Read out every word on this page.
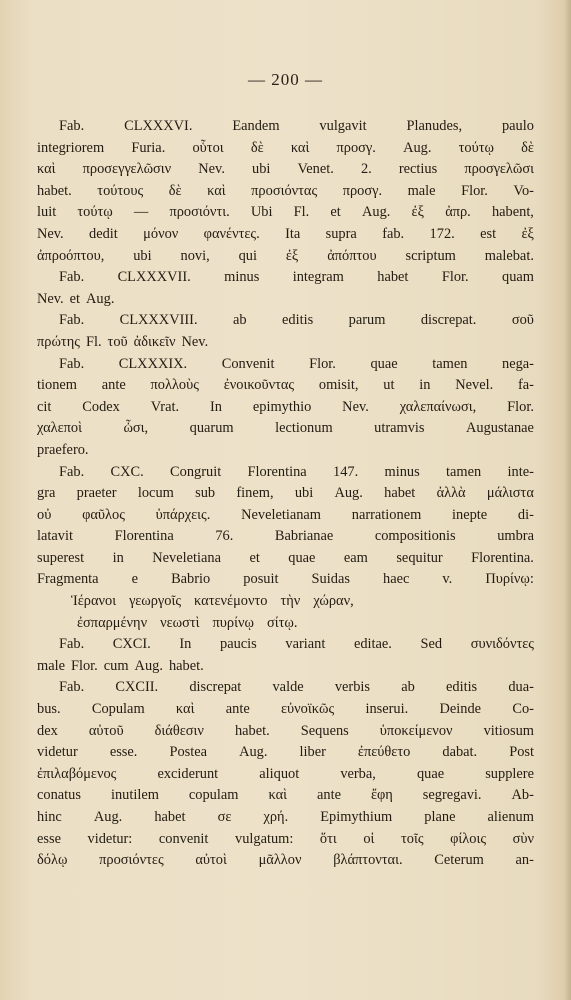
— 200 —
Fab.	CLXXXVI.	Eandem	vulgavit	Planudes,	paulo
integriorem Furia. οὗτοι δὲ καὶ προσγ. Aug. τούτῳ δὲ
καὶ προσεγγελῶσιν Nev. ubi Venet. 2. rectius προσγελῶσι
habet. τούτους δὲ καὶ προσιόντας προσγ. male Flor. Vo-
luit τούτῳ — προσιόντι. Ubi Fl. et Aug. ἐξ ἀπρ. habent,
Nev. dedit μόνον φανέντες. Ita supra fab. 172. est ἐξ
ἀπροόπτου, ubi novi, qui ἐξ ἀπόπτου scriptum malebat.
Fab. CLXXXVII. minus integram habet Flor. quam
Nev. et Aug.
Fab. CLXXXVIII. ab editis parum discrepat. σοῦ
πρώτης Fl. τοῦ ἀδικεῖν Nev.
Fab. CLXXXIX. Convenit Flor. quae tamen nega-
tionem ante πολλοὺς ἐνοικοῦντας omisit, ut in Nevel. fa-
cit Codex Vrat. In epimythio Nev. χαλεπαίνωσι, Flor.
χαλεποὶ	ὦσι,	quarum	lectionum	utramvis	Augustanae
praefero.
Fab. CXC. Congruit Florentina 147. minus tamen inte-
gra praeter locum sub finem, ubi Aug. habet ἀλλὰ μάλιστα
οὐ φαῦλος ὑπάρχεις. Neveletianam narrationem inepte di-
latavit	Florentina	76.	Babrianae	compositionis	umbra
superest in Neveletiana et quae eam sequitur Florentina.
Fragmenta e Babrio posuit Suidas haec v. Πυρίνῳ:
Ἱέρανοι γεωργοῖς κατενέμοντο τὴν χώραν,
ἐσπαρμένην νεωστὶ πυρίνῳ σίτῳ.
Fab. CXCI. In paucis variant editae. Sed συνιδόντες
male Flor. cum Aug. habet.
Fab. CXCII. discrepat valde verbis ab editis dua-
bus. Copulam καὶ ante εὐνοϊκῶς inserui. Deinde Co-
dex αὐτοῦ διάθεσιν habet. Sequens ὑποκείμενον vitiosum
videtur esse. Postea Aug. liber ἐπεύθετο dabat. Post
ἐπιλαβόμενος	exciderunt	aliquot	verba,	quae	supplere
conatus inutilem copulam καὶ ante ἔφη segregavi. Ab-
hinc Aug. habet σε χρή. Epimythium plane alienum
esse videtur: convenit vulgatum: ὅτι οἱ τοῖς φίλοις σὺν
δόλῳ προσιόντες αὐτοὶ μᾶλλον βλάπτονται. Ceterum an-
